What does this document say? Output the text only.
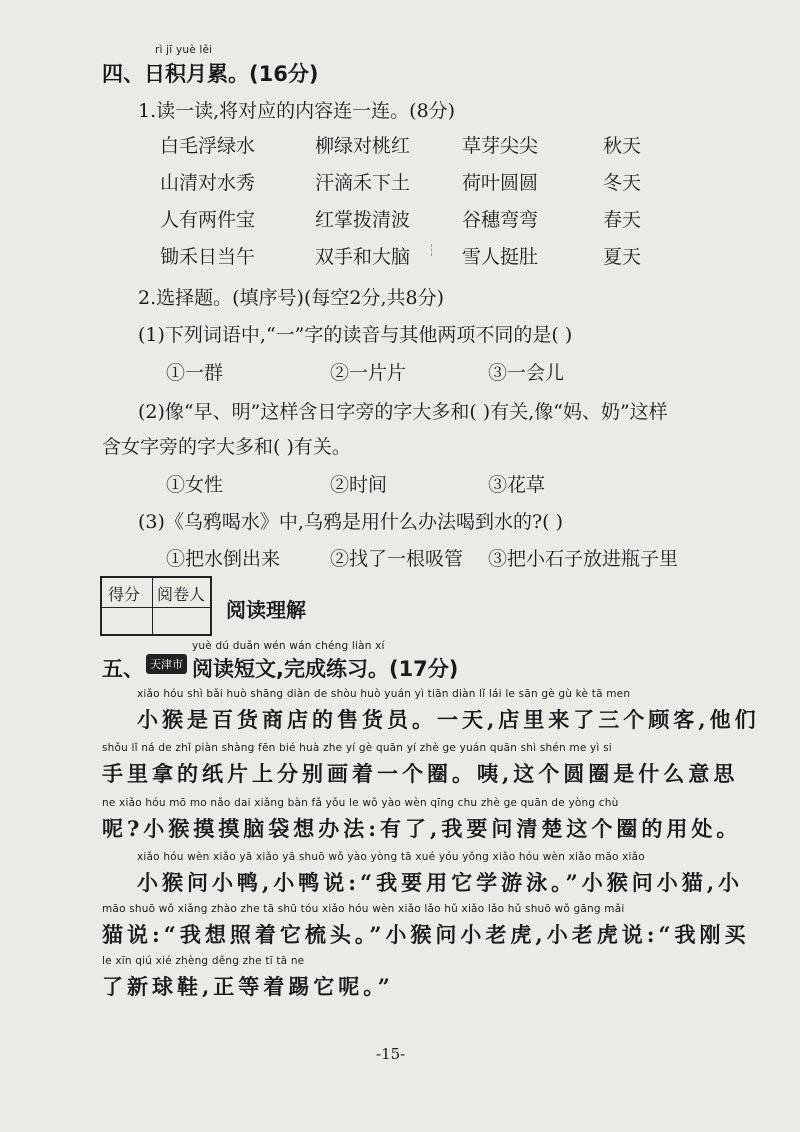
rì jī yuè lěi
四、日积月累。(16分)
1.读一读,将对应的内容连一连。(8分)
白毛浮绿水	柳绿对桃红	草芽尖尖	秋天
山清对水秀	汗滴禾下土	荷叶圆圆	冬天
人有两件宝	红掌拨清波	谷穗弯弯	春天
锄禾日当午	双手和大脑	雪人挺肚	夏天
2.选择题。(填序号)(每空2分,共8分)
(1)下列词语中,“一”字的读音与其他两项不同的是( )
①一群	②一片片	③一会儿
(2)像“早、明”这样含日字旁的字大多和( )有关,像“妈、奶”这样
含女字旁的字大多和( )有关。
①女性	②时间	③花草
(3)《乌鸦喝水》中,乌鸦是用什么办法喝到水的?( )
①把水倒出来	②找了一根吸管 ③把小石子放进瓶子里
得分 阅卷人
阅读理解
yuè dú duǎn wén wán chéng liàn xí
五、 天津市 阅读短文,完成练习。(17分)
xiǎo hóu shì bǎi huò shāng diàn de shòu huò yuán yì tiān diàn lǐ lái le sān gè gù kè tā men
小猴是百货商店的售货员。一天,店里来了三个顾客,他们
shǒu lǐ ná de zhǐ piàn shàng fēn bié huà zhe yí gè quān yí zhè ge yuán quān shì shén me yì si
手里拿的纸片上分别画着一个圈。咦,这个圆圈是什么意思
ne xiǎo hóu mō mo nǎo dai xiǎng bàn fǎ yǒu le wǒ yào wèn qīng chu zhè ge quān de yòng chù
呢?小猴摸摸脑袋想办法:有了,我要问清楚这个圈的用处。
xiǎo hóu wèn xiǎo yā xiǎo yā shuō wǒ yào yòng tā xué yóu yǒng xiǎo hóu wèn xiǎo māo xiǎo
小猴问小鸭,小鸭说:“我要用它学游泳。”小猴问小猫,小
māo shuō wǒ xiǎng zhào zhe tā shū tóu xiǎo hóu wèn xiǎo lǎo hǔ xiǎo lǎo hǔ shuō wǒ gāng mǎi
猫说:“我想照着它梳头。”小猴问小老虎,小老虎说:“我刚买
le xīn qiú xié zhèng děng zhe tī tā ne
了新球鞋,正等着踢它呢。”
-15-
